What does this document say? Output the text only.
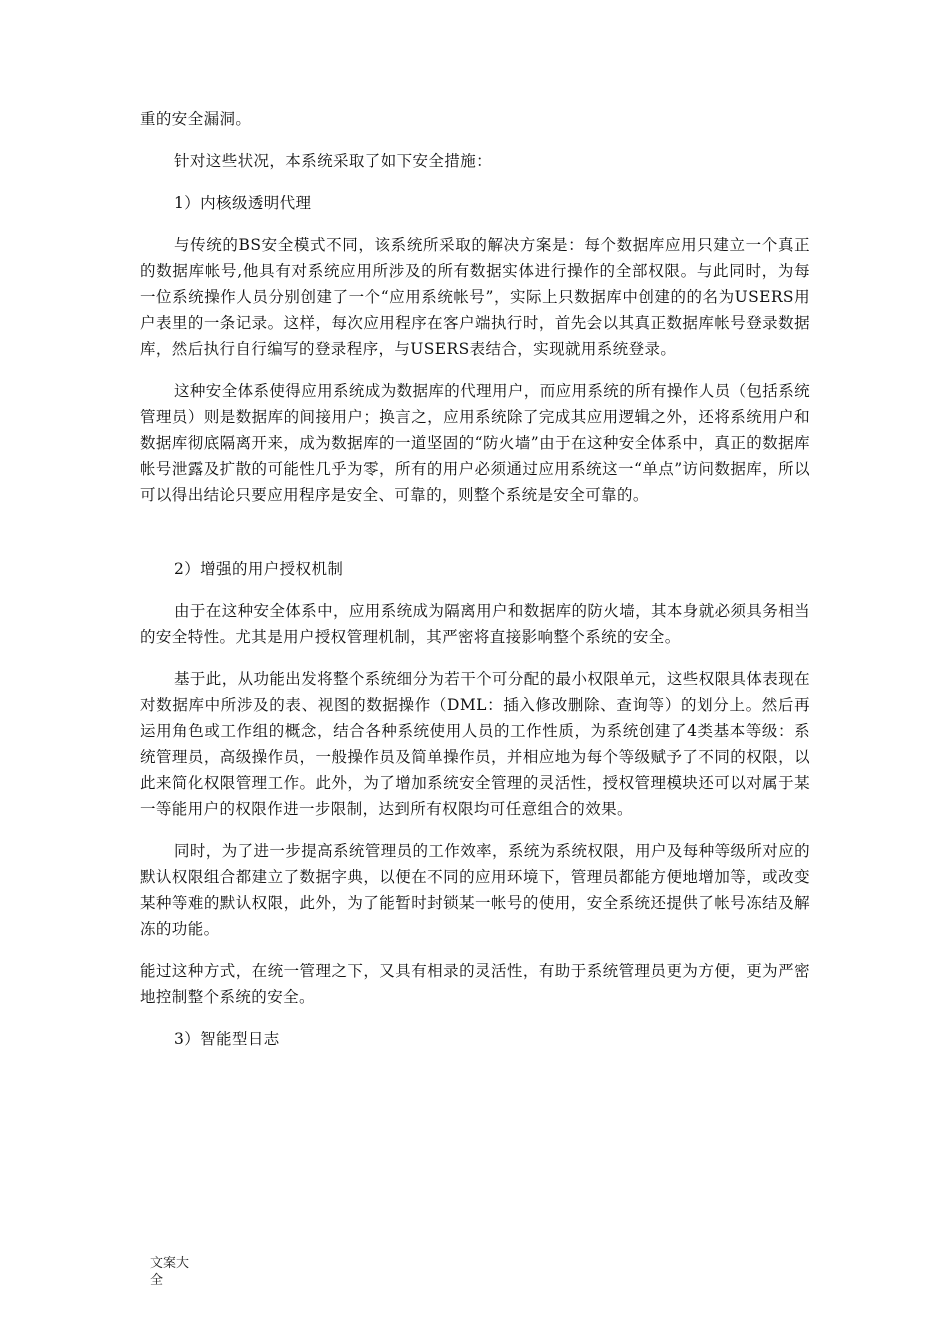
重的安全漏洞。

针对这些状况，本系统采取了如下安全措施：

1）内核级透明代理

与传统的BS安全模式不同，该系统所采取的解决方案是：每个数据库应用只建立一个真正的数据库帐号,他具有对系统应用所涉及的所有数据实体进行操作的全部权限。与此同时，为每一位系统操作人员分别创建了一个“应用系统帐号”，实际上只数据库中创建的的名为USERS用户表里的一条记录。这样，每次应用程序在客户端执行时，首先会以其真正数据库帐号登录数据库，然后执行自行编写的登录程序，与USERS表结合，实现就用系统登录。

这种安全体系使得应用系统成为数据库的代理用户，而应用系统的所有操作人员（包括系统管理员）则是数据库的间接用户；换言之，应用系统除了完成其应用逻辑之外，还将系统用户和数据库彻底隔离开来，成为数据库的一道坚固的“防火墙”由于在这种安全体系中，真正的数据库帐号泄露及扩散的可能性几乎为零，所有的用户必须通过应用系统这一“单点”访问数据库，所以可以得出结论只要应用程序是安全、可靠的，则整个系统是安全可靠的。

2）增强的用户授权机制

由于在这种安全体系中，应用系统成为隔离用户和数据库的防火墙，其本身就必须具务相当的安全特性。尤其是用户授权管理机制，其严密将直接影响整个系统的安全。

基于此，从功能出发将整个系统细分为若干个可分配的最小权限单元，这些权限具体表现在对数据库中所涉及的表、视图的数据操作（DML：插入修改删除、查询等）的划分上。然后再运用角色或工作组的概念，结合各种系统使用人员的工作性质，为系统创建了4类基本等级：系统管理员，高级操作员，一般操作员及简单操作员，并相应地为每个等级赋予了不同的权限，以此来简化权限管理工作。此外，为了增加系统安全管理的灵活性，授权管理模块还可以对属于某一等能用户的权限作进一步限制，达到所有权限均可任意组合的效果。

同时，为了进一步提高系统管理员的工作效率，系统为系统权限，用户及每种等级所对应的默认权限组合都建立了数据字典，以便在不同的应用环境下，管理员都能方便地增加等，或改变某种等难的默认权限，此外，为了能暂时封锁某一帐号的使用，安全系统还提供了帐号冻结及解冻的功能。

能过这种方式，在统一管理之下，又具有相录的灵活性，有助于系统管理员更为方便，更为严密地控制整个系统的安全。

3）智能型日志

文案大全
